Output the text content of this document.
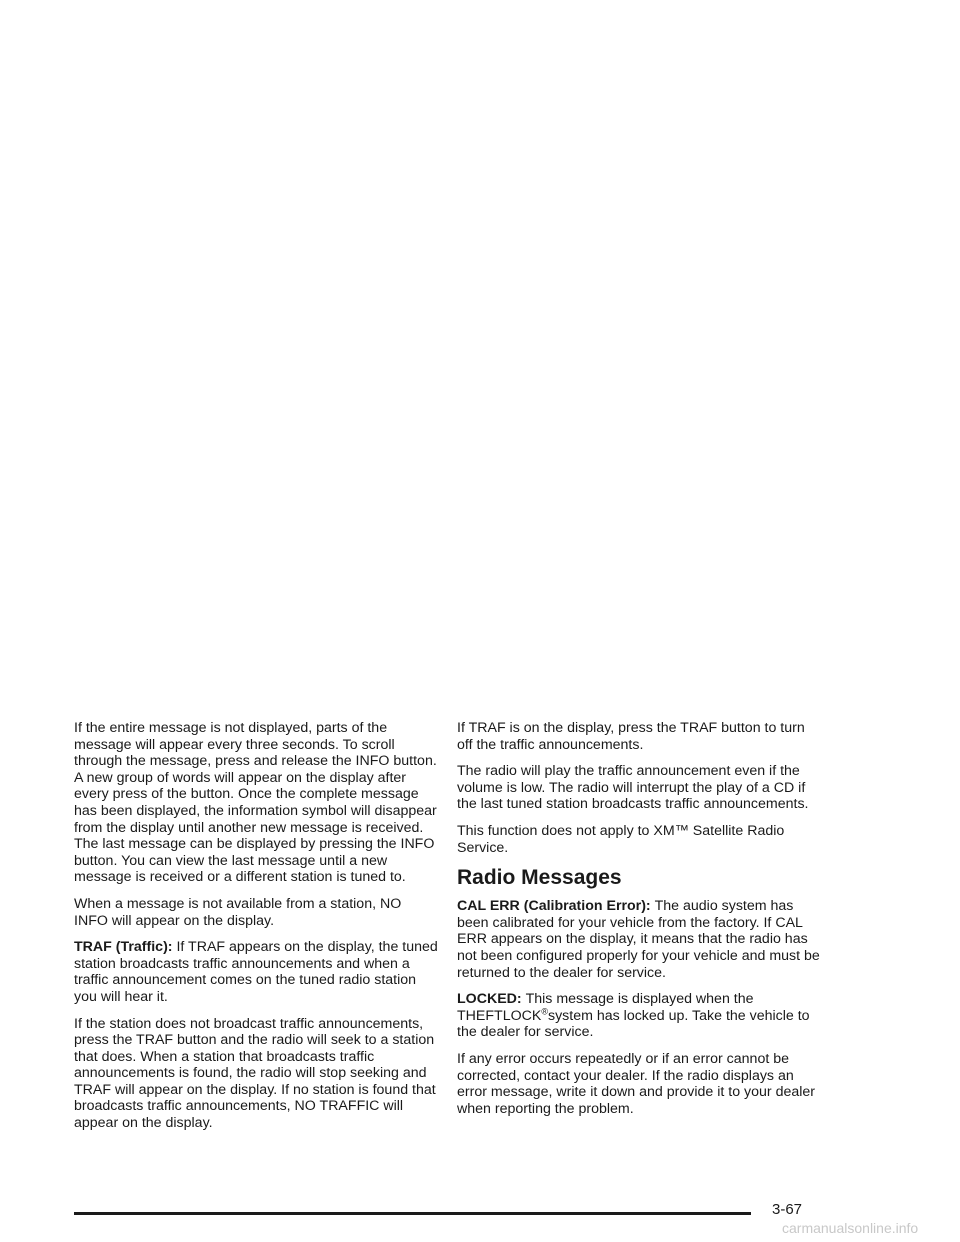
If the entire message is not displayed, parts of the message will appear every three seconds. To scroll through the message, press and release the INFO button. A new group of words will appear on the display after every press of the button. Once the complete message has been displayed, the information symbol will disappear from the display until another new message is received. The last message can be displayed by pressing the INFO button. You can view the last message until a new message is received or a different station is tuned to.

When a message is not available from a station, NO INFO will appear on the display.

TRAF (Traffic): If TRAF appears on the display, the tuned station broadcasts traffic announcements and when a traffic announcement comes on the tuned radio station you will hear it.

If the station does not broadcast traffic announcements, press the TRAF button and the radio will seek to a station that does. When a station that broadcasts traffic announcements is found, the radio will stop seeking and TRAF will appear on the display. If no station is found that broadcasts traffic announcements, NO TRAFFIC will appear on the display.

If TRAF is on the display, press the TRAF button to turn off the traffic announcements.

The radio will play the traffic announcement even if the volume is low. The radio will interrupt the play of a CD if the last tuned station broadcasts traffic announcements.

This function does not apply to XM™ Satellite Radio Service.

Radio Messages

CAL ERR (Calibration Error): The audio system has been calibrated for your vehicle from the factory. If CAL ERR appears on the display, it means that the radio has not been configured properly for your vehicle and must be returned to the dealer for service.

LOCKED: This message is displayed when the THEFTLOCK®system has locked up. Take the vehicle to the dealer for service.

If any error occurs repeatedly or if an error cannot be corrected, contact your dealer. If the radio displays an error message, write it down and provide it to your dealer when reporting the problem.

3-67
carmanualsonline.info
